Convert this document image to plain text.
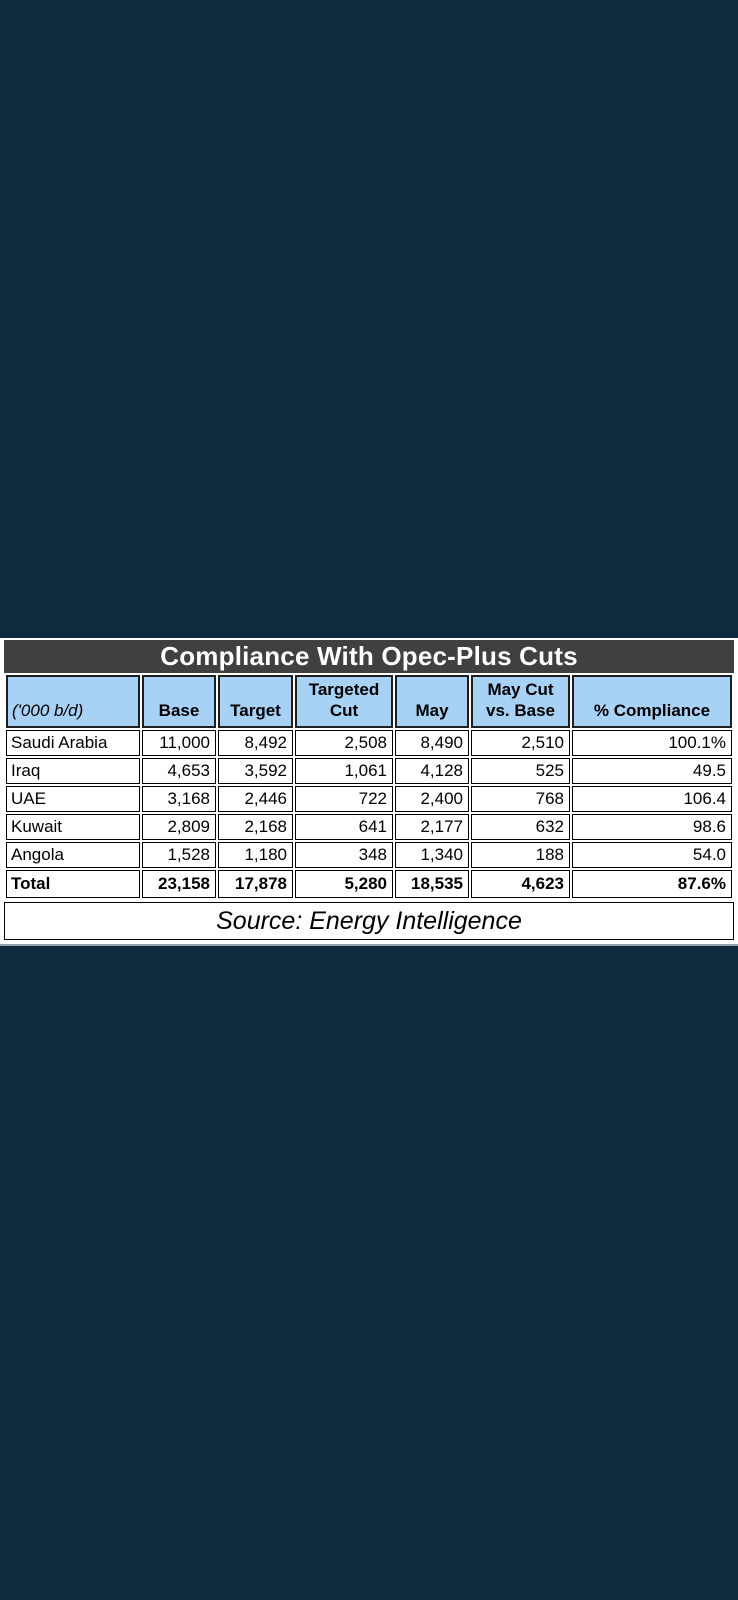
Compliance With Opec-Plus Cuts
('000 b/d)	Base	Target	Targeted Cut	May	May Cut vs. Base	% Compliance
Saudi Arabia	11,000	8,492	2,508	8,490	2,510	100.1%
Iraq	4,653	3,592	1,061	4,128	525	49.5
UAE	3,168	2,446	722	2,400	768	106.4
Kuwait	2,809	2,168	641	2,177	632	98.6
Angola	1,528	1,180	348	1,340	188	54.0
Total	23,158	17,878	5,280	18,535	4,623	87.6%
Source: Energy Intelligence
